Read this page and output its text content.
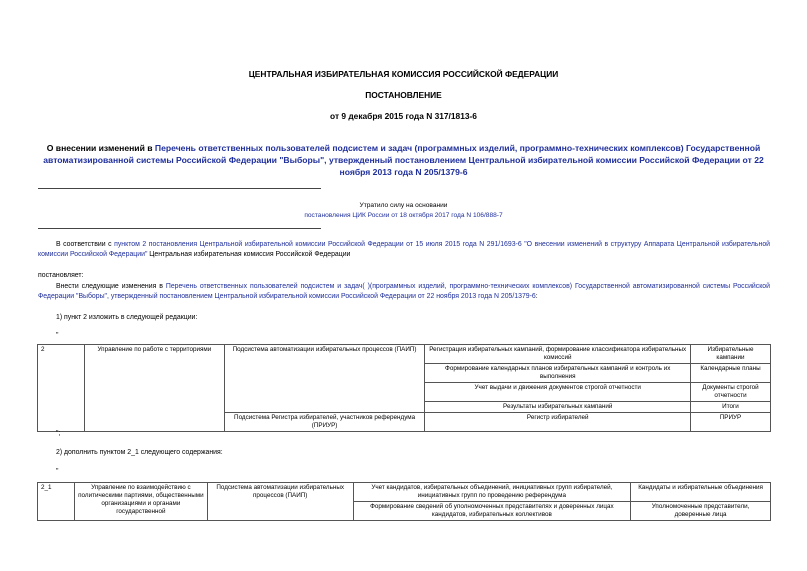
ЦЕНТРАЛЬНАЯ ИЗБИРАТЕЛЬНАЯ КОМИССИЯ РОССИЙСКОЙ ФЕДЕРАЦИИ
ПОСТАНОВЛЕНИЕ
от 9 декабря 2015 года N 317/1813-6
О внесении изменений в Перечень ответственных пользователей подсистем и задач (программных изделий, программно-технических комплексов) Государственной автоматизированной системы Российской Федерации "Выборы", утвержденный постановлением Центральной избирательной комиссии Российской Федерации от 22 ноября 2013 года N 205/1379-6
Утратило силу на основании
постановления ЦИК России от 18 октября 2017 года N 106/888-7
В соответствии с пунктом 2 постановления Центральной избирательной комиссии Российской Федерации от 15 июля 2015 года N 291/1693-6 "О внесении изменений в структуру Аппарата Центральной избирательной комиссии Российской Федерации" Центральная избирательная комиссия Российской Федерации
постановляет:
Внести следующие изменения в Перечень ответственных пользователей подсистем и задач( )(программных изделий, программно-технических комплексов) Государственной автоматизированной системы Российской Федерации "Выборы", утвержденный постановлением Центральной избирательной комиссии Российской Федерации от 22 ноября 2013 года N 205/1379-6:
1) пункт 2 изложить в следующей редакции:
"
2	Управление по работе с территориями	Подсистема автоматизации избирательных процессов (ПАИП)	Регистрация избирательных кампаний, формирование классификатора избирательных комиссий	Избирательные кампании
			Формирование календарных планов избирательных кампаний и контроль их выполнения	Календарные планы
			Учет выдачи и движения документов строгой отчетности	Документы строгой отчетности
			Результаты избирательных кампаний	Итоги
		Подсистема Регистра избирателей, участников референдума (ПРИУР)	Регистр избирателей	ПРИУР
";
2) дополнить пунктом 2_1 следующего содержания:
"
2_1	Управление по взаимодействию с политическими партиями, общественными организациями и органами государственной	Подсистема автоматизации избирательных процессов (ПАИП)	Учет кандидатов, избирательных объединений, инициативных групп избирателей, инициативных групп по проведению референдума	Кандидаты и избирательные объединения
			Формирование сведений об уполномоченных представителях и доверенных лицах кандидатов, избирательных коллективов	Уполномоченные представители, доверенные лица
